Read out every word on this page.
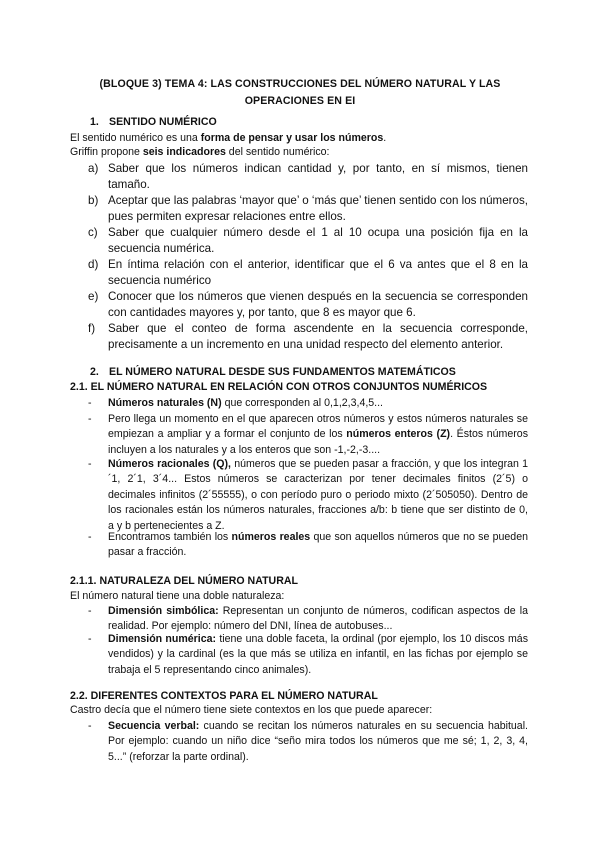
(BLOQUE 3) TEMA 4: LAS CONSTRUCCIONES DEL NÚMERO NATURAL Y LAS OPERACIONES EN EI
1. SENTIDO NUMÉRICO
El sentido numérico es una forma de pensar y usar los números.
Griffin propone seis indicadores del sentido numérico:
a) Saber que los números indican cantidad y, por tanto, en sí mismos, tienen tamaño.
b) Aceptar que las palabras ‘mayor que’ o ‘más que’ tienen sentido con los números, pues permiten expresar relaciones entre ellos.
c) Saber que cualquier número desde el 1 al 10 ocupa una posición fija en la secuencia numérica.
d) En íntima relación con el anterior, identificar que el 6 va antes que el 8 en la secuencia numérico
e) Conocer que los números que vienen después en la secuencia se corresponden con cantidades mayores y, por tanto, que 8 es mayor que 6.
f) Saber que el conteo de forma ascendente en la secuencia corresponde, precisamente a un incremento en una unidad respecto del elemento anterior.
2. EL NÚMERO NATURAL DESDE SUS FUNDAMENTOS MATEMÁTICOS
2.1. EL NÚMERO NATURAL EN RELACIÓN CON OTROS CONJUNTOS NUMÉRICOS
- Números naturales (N) que corresponden al 0,1,2,3,4,5...
- Pero llega un momento en el que aparecen otros números y estos números naturales se empiezan a ampliar y a formar el conjunto de los números enteros (Z). Éstos números incluyen a los naturales y a los enteros que son -1,-2,-3....
- Números racionales (Q), números que se pueden pasar a fracción, y que los integran 1´1, 2´1, 3´4... Estos números se caracterizan por tener decimales finitos (2´5) o decimales infinitos (2´55555), o con período puro o periodo mixto (2´505050). Dentro de los racionales están los números naturales, fracciones a/b: b tiene que ser distinto de 0, a y b pertenecientes a Z.
- Encontramos también los números reales que son aquellos números que no se pueden pasar a fracción.
2.1.1. NATURALEZA DEL NÚMERO NATURAL
El número natural tiene una doble naturaleza:
- Dimensión simbólica: Representan un conjunto de números, codifican aspectos de la realidad. Por ejemplo: número del DNI, línea de autobuses...
- Dimensión numérica: tiene una doble faceta, la ordinal (por ejemplo, los 10 discos más vendidos) y la cardinal (es la que más se utiliza en infantil, en las fichas por ejemplo se trabaja el 5 representando cinco animales).
2.2. DIFERENTES CONTEXTOS PARA EL NÚMERO NATURAL
Castro decía que el número tiene siete contextos en los que puede aparecer:
- Secuencia verbal: cuando se recitan los números naturales en su secuencia habitual. Por ejemplo: cuando un niño dice “seño mira todos los números que me sé; 1, 2, 3, 4, 5...” (reforzar la parte ordinal).
